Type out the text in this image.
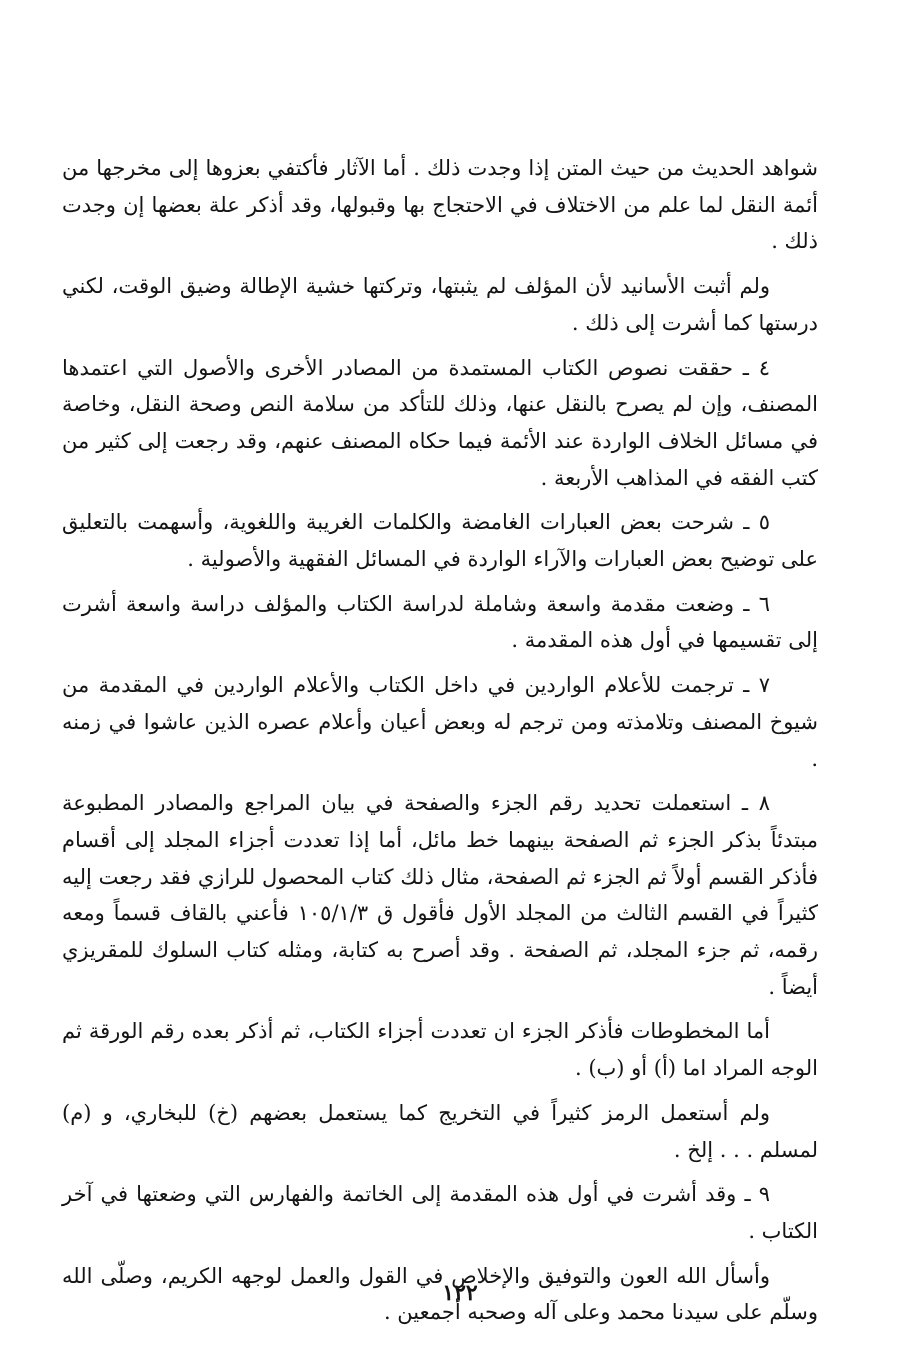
شواهد الحديث من حيث المتن إذا وجدت ذلك . أما الآثار فأكتفي بعزوها إلى مخرجها من أئمة النقل لما علم من الاختلاف في الاحتجاج بها وقبولها، وقد أذكر علة بعضها إن وجدت ذلك .

ولم أثبت الأسانيد لأن المؤلف لم يثبتها، وتركتها خشية الإطالة وضيق الوقت، لكني درستها كما أشرت إلى ذلك .

٤ ـ حققت نصوص الكتاب المستمدة من المصادر الأخرى والأصول التي اعتمدها المصنف، وإن لم يصرح بالنقل عنها، وذلك للتأكد من سلامة النص وصحة النقل، وخاصة في مسائل الخلاف الواردة عند الأئمة فيما حكاه المصنف عنهم، وقد رجعت إلى كثير من كتب الفقه في المذاهب الأربعة .

٥ ـ شرحت بعض العبارات الغامضة والكلمات الغريبة واللغوية، وأسهمت بالتعليق على توضيح بعض العبارات والآراء الواردة في المسائل الفقهية والأصولية .

٦ ـ وضعت مقدمة واسعة وشاملة لدراسة الكتاب والمؤلف دراسة واسعة أشرت إلى تقسيمها في أول هذه المقدمة .

٧ ـ ترجمت للأعلام الواردين في داخل الكتاب والأعلام الواردين في المقدمة من شيوخ المصنف وتلامذته ومن ترجم له وبعض أعيان وأعلام عصره الذين عاشوا في زمنه .

٨ ـ استعملت تحديد رقم الجزء والصفحة في بيان المراجع والمصادر المطبوعة مبتدئاً بذكر الجزء ثم الصفحة بينهما خط مائل، أما إذا تعددت أجزاء المجلد إلى أقسام فأذكر القسم أولاً ثم الجزء ثم الصفحة، مثال ذلك كتاب المحصول للرازي فقد رجعت إليه كثيراً في القسم الثالث من المجلد الأول فأقول ق ١٠٥/١/٣ فأعني بالقاف قسماً ومعه رقمه، ثم جزء المجلد، ثم الصفحة . وقد أصرح به كتابة، ومثله كتاب السلوك للمقريزي أيضاً .

أما المخطوطات فأذكر الجزء ان تعددت أجزاء الكتاب، ثم أذكر بعده رقم الورقة ثم الوجه المراد اما (أ) أو (ب) .

ولم أستعمل الرمز كثيراً في التخريج كما يستعمل بعضهم (خ) للبخاري، و (م) لمسلم . . . إلخ .

٩ ـ وقد أشرت في أول هذه المقدمة إلى الخاتمة والفهارس التي وضعتها في آخر الكتاب .

وأسأل الله العون والتوفيق والإخلاص في القول والعمل لوجهه الكريم، وصلّى الله وسلّم على سيدنا محمد وعلى آله وصحبه أجمعين .

١٢٢
